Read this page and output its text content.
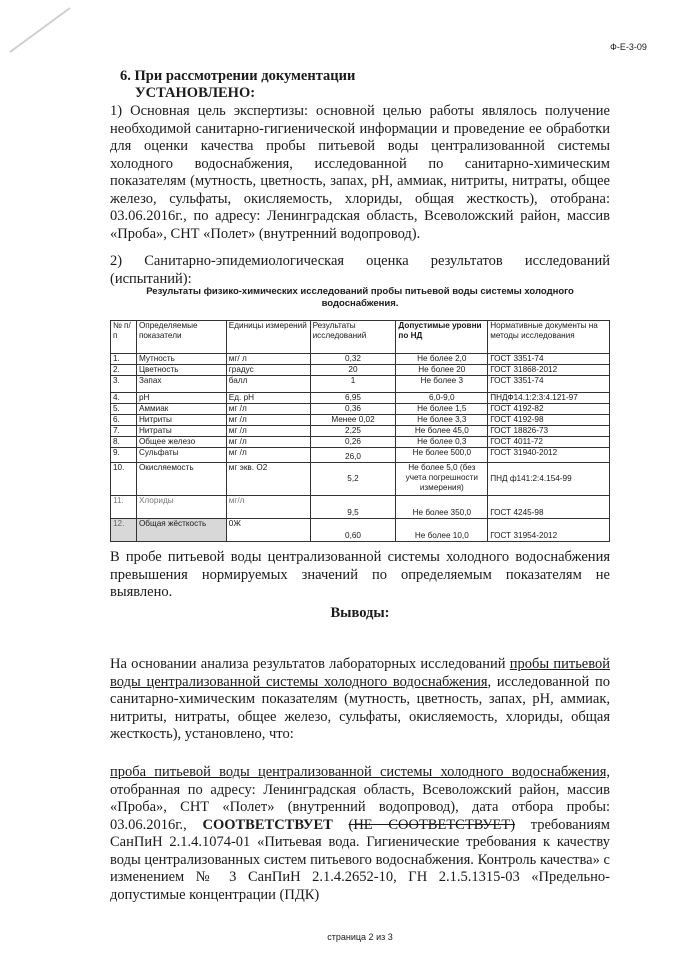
Ф-Е-3-09
6. При рассмотрении документации
УСТАНОВЛЕНО:
1) Основная цель экспертизы: основной целью работы являлось получение необходимой санитарно-гигиенической информации и проведение ее обработки для оценки качества пробы питьевой воды централизованной системы холодного водоснабжения, исследованной по санитарно-химическим показателям (мутность, цветность, запах, pH, аммиак, нитриты, нитраты, общее железо, сульфаты, окисляемость, хлориды, общая жесткость), отобрана: 03.06.2016г., по адресу: Ленинградская область, Всеволожский район, массив «Проба», СНТ «Полет» (внутренний водопровод).
2) Санитарно-эпидемиологическая оценка результатов исследований (испытаний):
Результаты физико-химических исследований пробы питьевой воды системы холодного водоснабжения.
№ п/п	Определяемые показатели	Единицы измерений	Результаты исследований	Допустимые уровни по НД	Нормативные документы на методы исследования
1.	Мутность	мг/ л	0,32	Не более 2,0	ГОСТ 3351-74
2.	Цветность	градус	20	Не более 20	ГОСТ 31868-2012
3.	Запах	балл	1	Не более 3	ГОСТ 3351-74
4.	рН	Ед. рН	6,95	6,0-9,0	ПНДФ14.1:2:3:4.121-97
5.	Аммиак	мг /л	0,36	Не более 1,5	ГОСТ 4192-82
6.	Нитриты	мг /л	Менее 0,02	Не более 3,3	ГОСТ 4192-98
7.	Нитраты	мг /л	2,25	Не более 45,0	ГОСТ 18826-73
8.	Общее железо	мг /л	0,26	Не более 0,3	ГОСТ 4011-72
9.	Сульфаты	мг /л	26,0	Не более 500,0	ГОСТ 31940-2012
10.	Окисляемость	мг экв. О2	5,2	Не более 5,0 (без учета погрешности измерения)	ПНД ф141:2:4.154-99
11.	Хлориды	мг/л	9,5	Не более 350,0	ГОСТ 4245-98
12.	Общая жёсткость	0Ж	0,60	Не более 10,0	ГОСТ 31954-2012
В пробе питьевой воды централизованной системы холодного водоснабжения превышения нормируемых значений по определяемым показателям не выявлено.
Выводы:
На основании анализа результатов лабораторных исследований пробы питьевой воды централизованной системы холодного водоснабжения, исследованной по санитарно-химическим показателям (мутность, цветность, запах, pH, аммиак, нитриты, нитраты, общее железо, сульфаты, окисляемость, хлориды, общая жесткость), установлено, что:
проба питьевой воды централизованной системы холодного водоснабжения, отобранная по адресу: Ленинградская область, Всеволожский район, массив «Проба», СНТ «Полет» (внутренний водопровод), дата отбора пробы: 03.06.2016г., СООТВЕТСТВУЕТ (НЕ СООТВЕТСТВУЕТ) требованиям СанПиН 2.1.4.1074-01 «Питьевая вода. Гигиенические требования к качеству воды централизованных систем питьевого водоснабжения. Контроль качества» с изменением № 3 СанПиН 2.1.4.2652-10, ГН 2.1.5.1315-03 «Предельно-допустимые концентрации (ПДК)
страница 2 из 3
